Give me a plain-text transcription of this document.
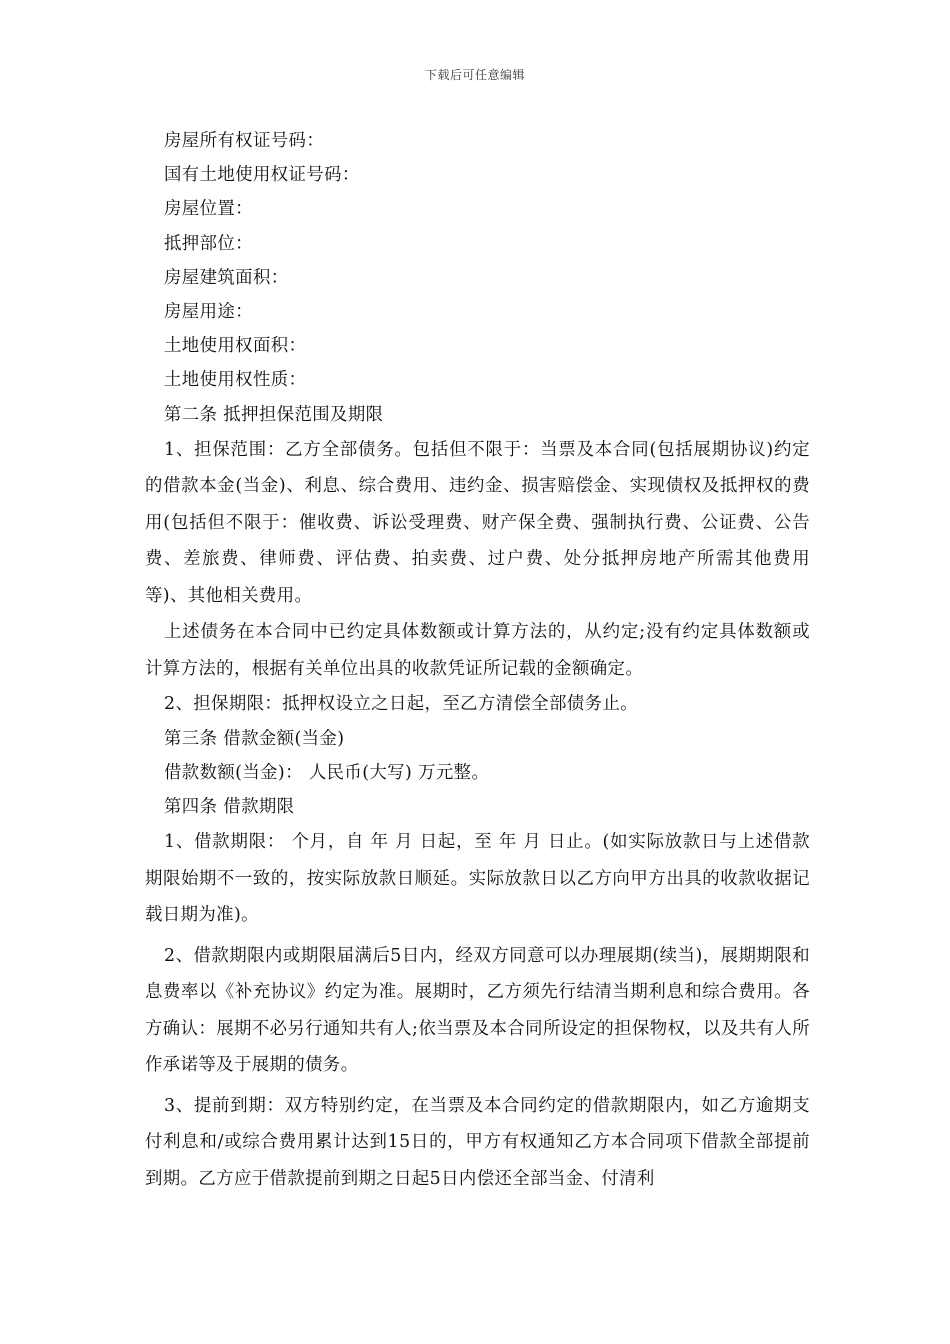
下载后可任意编辑

房屋所有权证号码：

国有土地使用权证号码：

房屋位置：

抵押部位：

房屋建筑面积：

房屋用途：

土地使用权面积：

土地使用权性质：

第二条 抵押担保范围及期限

1、担保范围：乙方全部债务。包括但不限于：当票及本合同(包括展期协议)约定的借款本金(当金)、利息、综合费用、违约金、损害赔偿金、实现债权及抵押权的费用(包括但不限于：催收费、诉讼受理费、财产保全费、强制执行费、公证费、公告费、差旅费、律师费、评估费、拍卖费、过户费、处分抵押房地产所需其他费用等)、其他相关费用。

上述债务在本合同中已约定具体数额或计算方法的，从约定;没有约定具体数额或计算方法的，根据有关单位出具的收款凭证所记载的金额确定。

2、担保期限：抵押权设立之日起，至乙方清偿全部债务止。

第三条 借款金额(当金)

借款数额(当金)： 人民币(大写) 万元整。

第四条 借款期限

1、借款期限： 个月，自 年 月 日起，至 年 月 日止。(如实际放款日与上述借款期限始期不一致的，按实际放款日顺延。实际放款日以乙方向甲方出具的收款收据记载日期为准)。

2、借款期限内或期限届满后5日内，经双方同意可以办理展期(续当)，展期期限和息费率以《补充协议》约定为准。展期时，乙方须先行结清当期利息和综合费用。各方确认：展期不必另行通知共有人;依当票及本合同所设定的担保物权，以及共有人所作承诺等及于展期的债务。

3、提前到期：双方特别约定，在当票及本合同约定的借款期限内，如乙方逾期支付利息和/或综合费用累计达到15日的，甲方有权通知乙方本合同项下借款全部提前到期。乙方应于借款提前到期之日起5日内偿还全部当金、付清利
